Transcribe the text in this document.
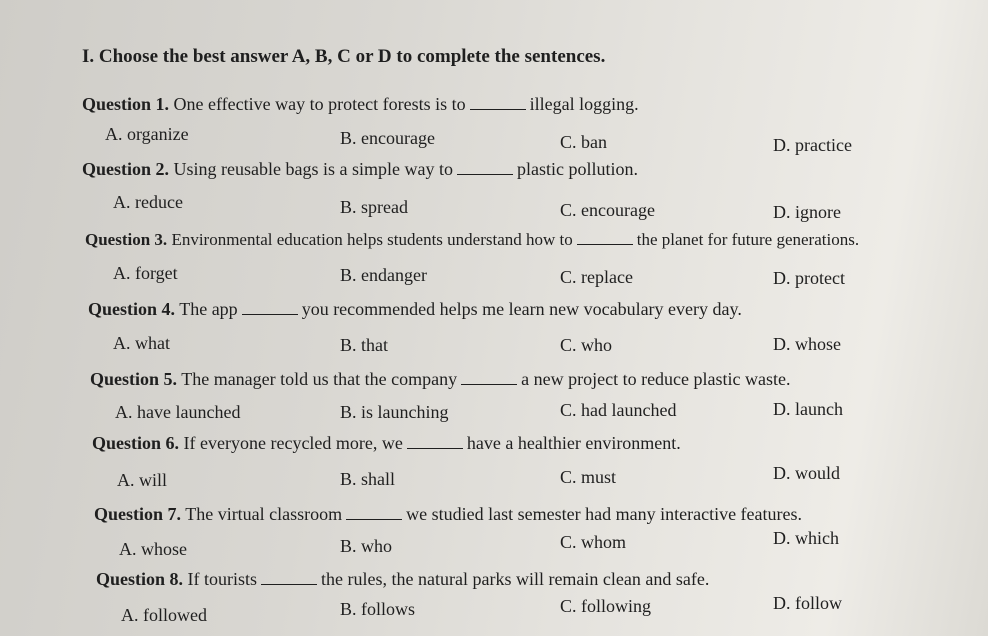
I. Choose the best answer A, B, C or D to complete the sentences.
Question 1. One effective way to protect forests is to	illegal logging.
A. organize	B. encourage	C. ban	D. practice
Question 2. Using reusable bags is a simple way to	plastic pollution.
A. reduce	B. spread	C. encourage	D. ignore
Question 3. Environmental education helps students understand how to	the planet for future generations.
A. forget	B. endanger	C. replace	D. protect
Question 4. The app	you recommended helps me learn new vocabulary every day.
A. what	B. that	C. who	D. whose
Question 5. The manager told us that the company	a new project to reduce plastic waste.
A. have launched	B. is launching	C. had launched	D. launch
Question 6. If everyone recycled more, we	have a healthier environment.
A. will	B. shall	C. must	D. would
Question 7. The virtual classroom	we studied last semester had many interactive features.
A. whose	B. who	C. whom	D. which
Question 8. If tourists	the rules, the natural parks will remain clean and safe.
A. followed	B. follows	C. following	D. follow
